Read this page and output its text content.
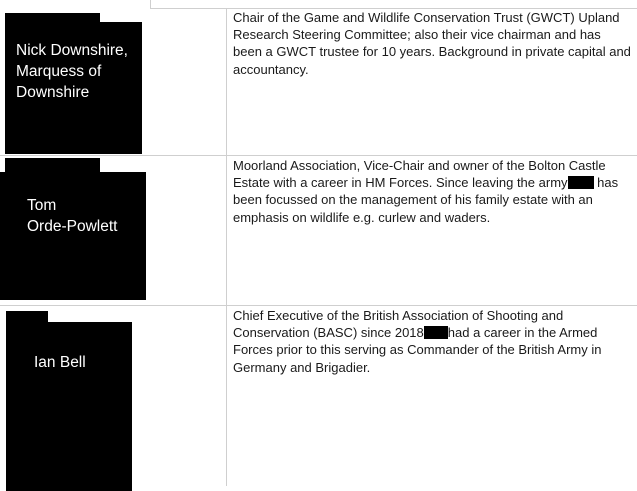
Nick Downshire,
Marquess of
Downshire
Chair of the Game and Wildlife Conservation Trust (GWCT) Upland Research Steering Committee; also their vice chairman and has been a GWCT trustee for 10 years. Background in private capital and accountancy.
Tom
Orde-Powlett
Moorland Association, Vice-Chair and owner of the Bolton Castle Estate with a career in HM Forces. Since leaving the army has been focussed on the management of his family estate with an emphasis on wildlife e.g. curlew and waders.
Ian Bell
Chief Executive of the British Association of Shooting and Conservation (BASC) since 2018 had a career in the Armed Forces prior to this serving as Commander of the British Army in Germany and Brigadier.
